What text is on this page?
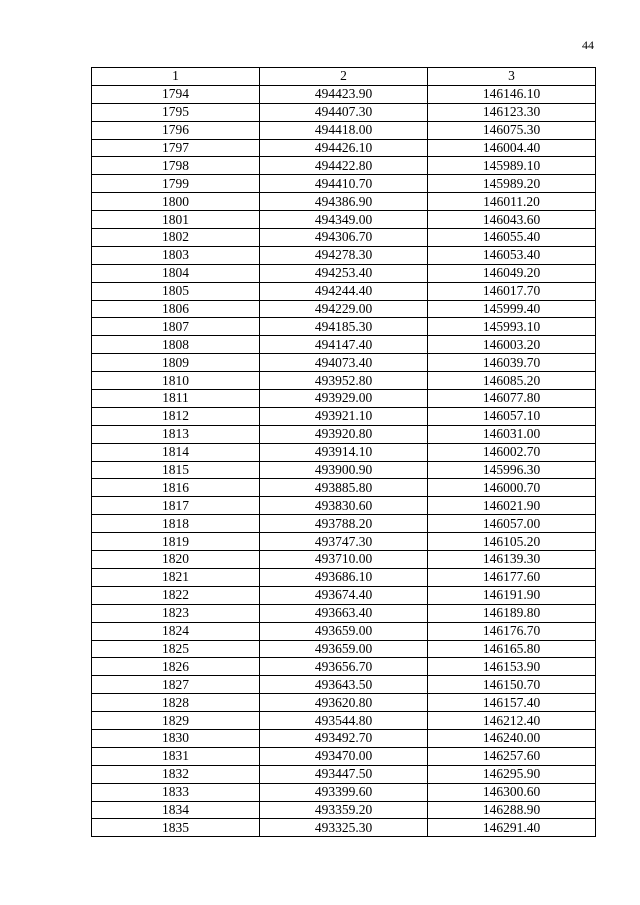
44
1	2	3
1794	494423.90	146146.10
1795	494407.30	146123.30
1796	494418.00	146075.30
1797	494426.10	146004.40
1798	494422.80	145989.10
1799	494410.70	145989.20
1800	494386.90	146011.20
1801	494349.00	146043.60
1802	494306.70	146055.40
1803	494278.30	146053.40
1804	494253.40	146049.20
1805	494244.40	146017.70
1806	494229.00	145999.40
1807	494185.30	145993.10
1808	494147.40	146003.20
1809	494073.40	146039.70
1810	493952.80	146085.20
1811	493929.00	146077.80
1812	493921.10	146057.10
1813	493920.80	146031.00
1814	493914.10	146002.70
1815	493900.90	145996.30
1816	493885.80	146000.70
1817	493830.60	146021.90
1818	493788.20	146057.00
1819	493747.30	146105.20
1820	493710.00	146139.30
1821	493686.10	146177.60
1822	493674.40	146191.90
1823	493663.40	146189.80
1824	493659.00	146176.70
1825	493659.00	146165.80
1826	493656.70	146153.90
1827	493643.50	146150.70
1828	493620.80	146157.40
1829	493544.80	146212.40
1830	493492.70	146240.00
1831	493470.00	146257.60
1832	493447.50	146295.90
1833	493399.60	146300.60
1834	493359.20	146288.90
1835	493325.30	146291.40
